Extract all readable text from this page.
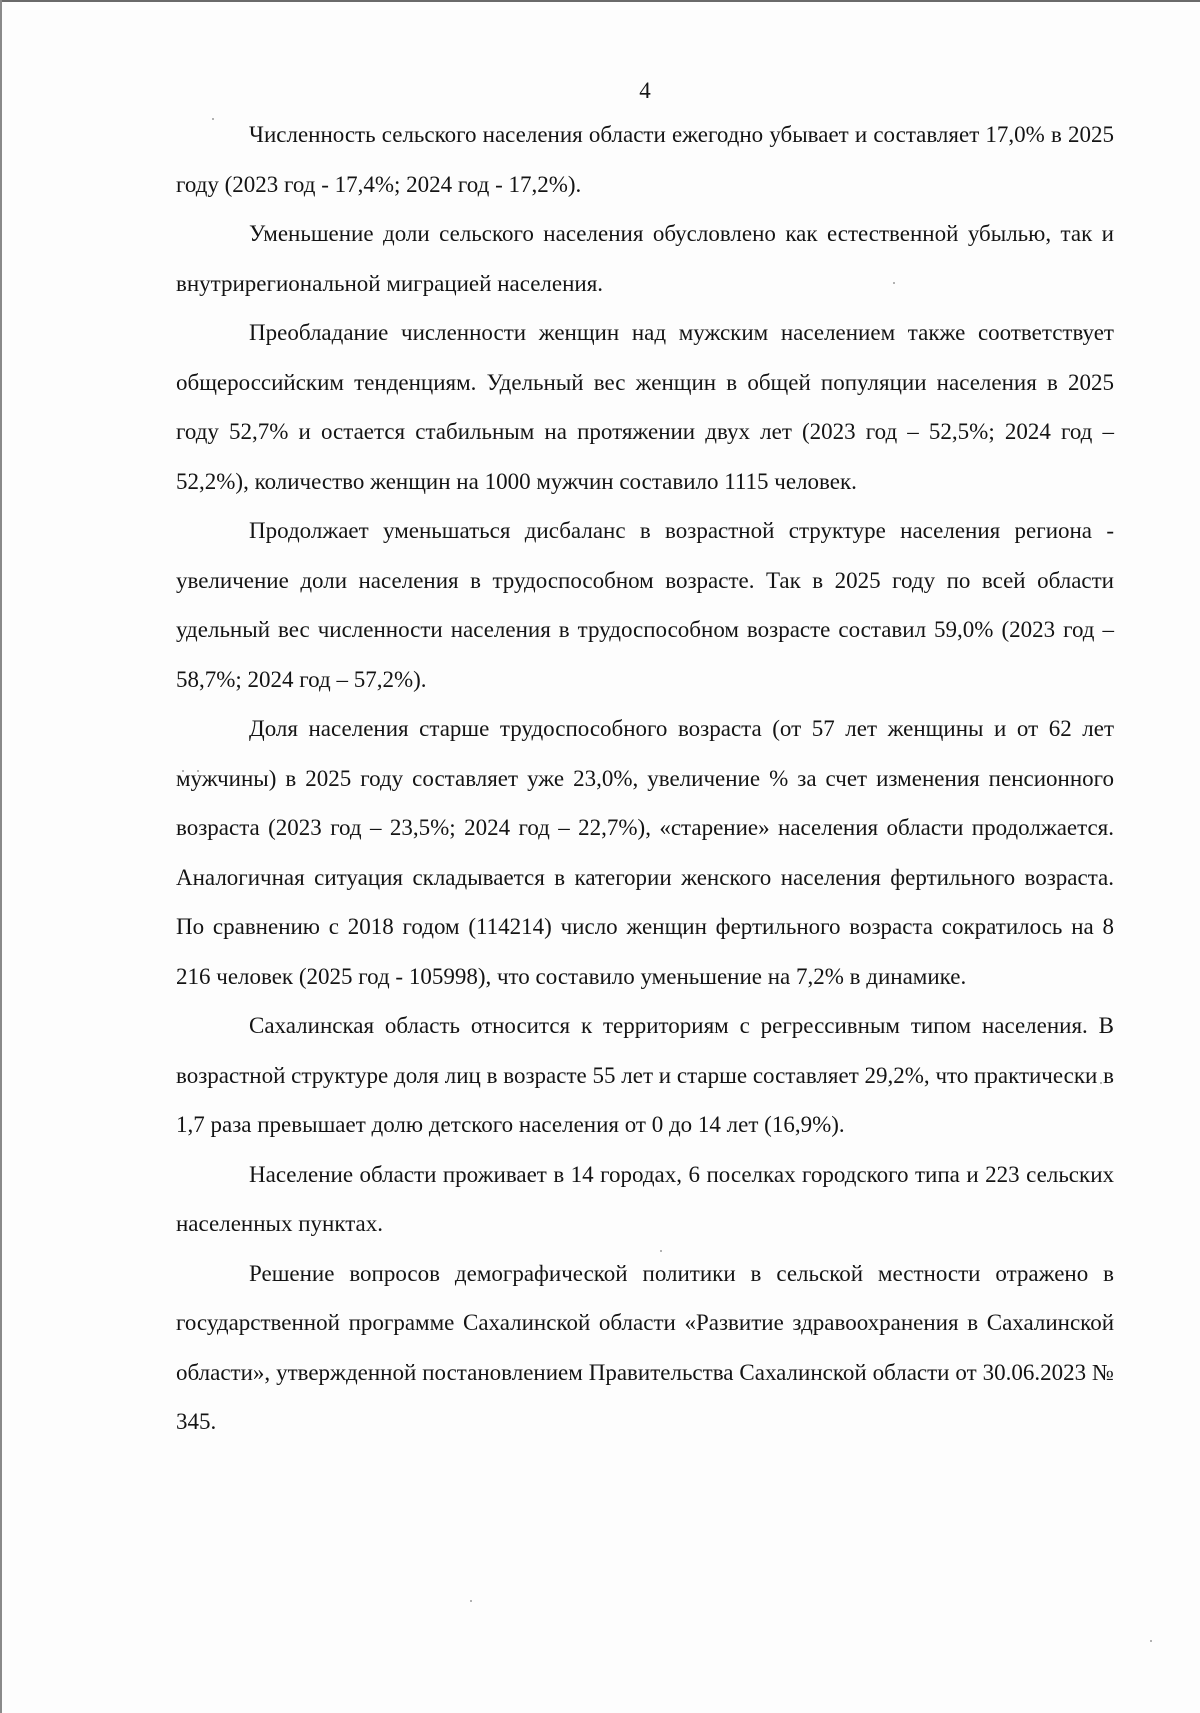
4

Численность сельского населения области ежегодно убывает и составляет 17,0% в 2025 году (2023 год - 17,4%; 2024 год - 17,2%).

Уменьшение доли сельского населения обусловлено как естественной убылью, так и внутрирегиональной миграцией населения.

Преобладание численности женщин над мужским населением также соответствует общероссийским тенденциям. Удельный вес женщин в общей популяции населения в 2025 году 52,7% и остается стабильным на протяжении двух лет (2023 год – 52,5%; 2024 год – 52,2%), количество женщин на 1000 мужчин составило 1115 человек.

Продолжает уменьшаться дисбаланс в возрастной структуре населения региона - увеличение доли населения в трудоспособном возрасте. Так в 2025 году по всей области удельный вес численности населения в трудоспособном возрасте составил 59,0% (2023 год –58,7%; 2024 год – 57,2%).

Доля населения старше трудоспособного возраста (от 57 лет женщины и от 62 лет мужчины) в 2025 году составляет уже 23,0%, увеличение % за счет изменения пенсионного возраста (2023 год – 23,5%; 2024 год – 22,7%), «старение» населения области продолжается. Аналогичная ситуация складывается в категории женского населения фертильного возраста. По сравнению с 2018 годом (114214) число женщин фертильного возраста сократилось на 8 216 человек (2025 год - 105998), что составило уменьшение на 7,2% в динамике.

Сахалинская область относится к территориям с регрессивным типом населения. В возрастной структуре доля лиц в возрасте 55 лет и старше составляет 29,2%, что практически в 1,7 раза превышает долю детского населения от 0 до 14 лет (16,9%).

Население области проживает в 14 городах, 6 поселках городского типа и 223 сельских населенных пунктах.

Решение вопросов демографической политики в сельской местности отражено в государственной программе Сахалинской области «Развитие здравоохранения в Сахалинской области», утвержденной постановлением Правительства Сахалинской области от 30.06.2023 № 345.
